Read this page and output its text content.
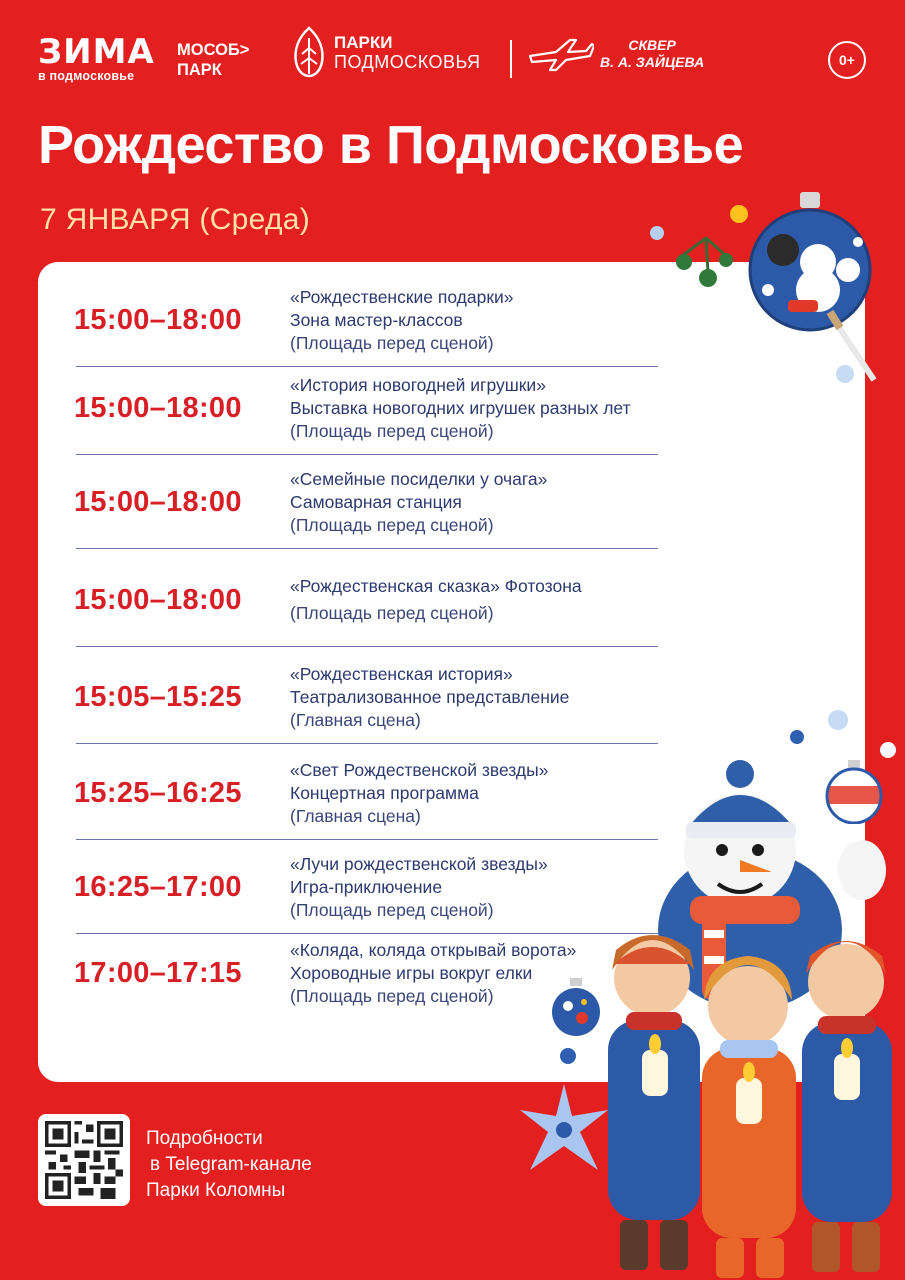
ЗИМА
в подмосковье
МОСОБ>
ПАРК
ПАРКИ
ПОДМОСКОВЬЯ
СКВЕР
В. А. ЗАЙЦЕВА	0+
Рождество в Подмосковье
7 ЯНВАРЯ (Среда)
15:00–18:00
«Рождественские подарки»
Зона мастер-классов
(Площадь перед сценой)
15:00–18:00
«История новогодней игрушки»
Выставка новогодних игрушек разных лет
(Площадь перед сценой)
15:00–18:00
«Семейные посиделки у очага»
Самоварная станция
(Площадь перед сценой)
15:00–18:00	«Рождественская сказка» Фотозона
(Площадь перед сценой)
15:05–15:25
«Рождественская история»
Театрализованное представление
(Главная сцена)
15:25–16:25
«Свет Рождественской звезды»
Концертная программа
(Главная сцена)
16:25–17:00
«Лучи рождественской звезды»
Игра-приключение
(Площадь перед сценой)
17:00–17:15
«Коляда, коляда открывай ворота»
Хороводные игры вокруг елки
(Площадь перед сценой)
Подробности
в Telegram-канале
Парки Коломны
